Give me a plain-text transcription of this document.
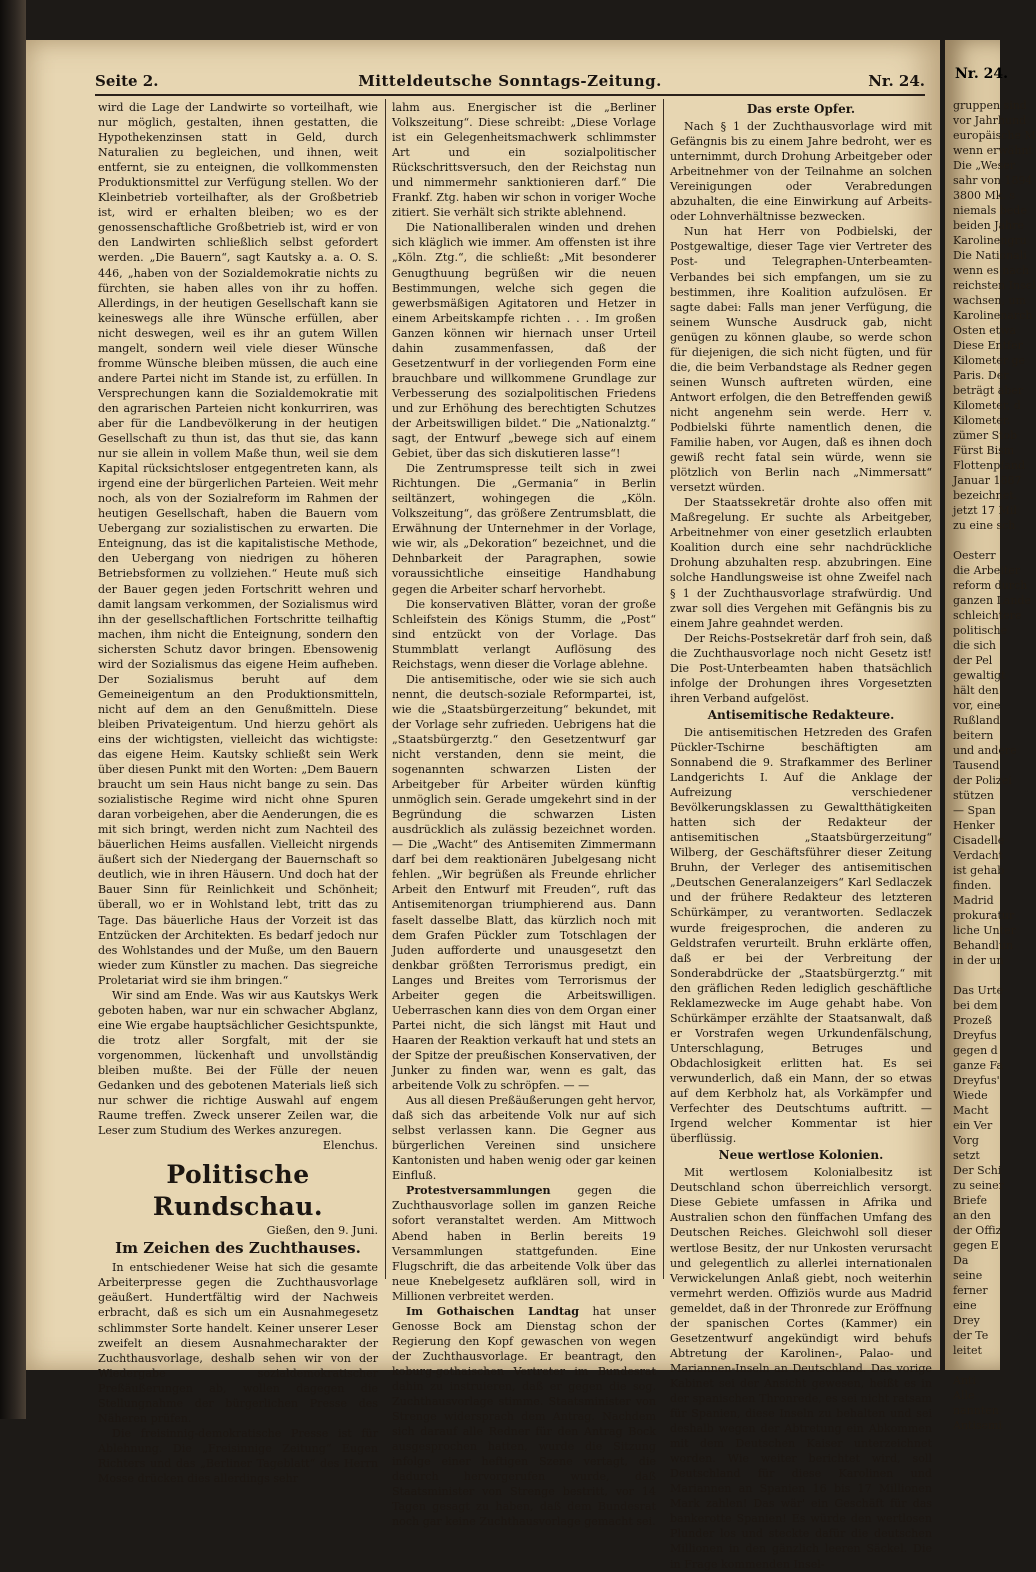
Seite 2.	Mitteldeutsche Sonntags-Zeitung.	Nr. 24.

wird die Lage der Landwirte so vorteilhaft, wie nur möglich, gestalten, ihnen gestatten, die Hypothekenzinsen statt in Geld, durch Naturalien zu begleichen, und ihnen, weit entfernt, sie zu enteignen, die vollkommensten Produktionsmittel zur Verfügung stellen. Wo der Kleinbetrieb vorteilhafter, als der Großbetrieb ist, wird er erhalten bleiben; wo es der genossenschaftliche Großbetrieb ist, wird er von den Landwirten schließlich selbst gefordert werden. „Die Bauern“, sagt Kautsky a. a. O. S. 446, „haben von der Sozialdemokratie nichts zu fürchten, sie haben alles von ihr zu hoffen. Allerdings, in der heutigen Gesellschaft kann sie keineswegs alle ihre Wünsche erfüllen, aber nicht deswegen, weil es ihr an gutem Willen mangelt, sondern weil viele dieser Wünsche fromme Wünsche bleiben müssen, die auch eine andere Partei nicht im Stande ist, zu erfüllen. In Versprechungen kann die Sozialdemokratie mit den agrarischen Parteien nicht konkurriren, was aber für die Landbevölkerung in der heutigen Gesellschaft zu thun ist, das thut sie, das kann nur sie allein in vollem Maße thun, weil sie dem Kapital rücksichtsloser entgegentreten kann, als irgend eine der bürgerlichen Parteien. Weit mehr noch, als von der Sozialreform im Rahmen der heutigen Gesellschaft, haben die Bauern vom Uebergang zur sozialistischen zu erwarten. Die Enteignung, das ist die kapitalistische Methode, den Uebergang von niedrigen zu höheren Betriebsformen zu vollziehen.“ Heute muß sich der Bauer gegen jeden Fortschritt wehren und damit langsam verkommen, der Sozialismus wird ihn der gesellschaftlichen Fortschritte teilhaftig machen, ihm nicht die Enteignung, sondern den sichersten Schutz davor bringen. Ebensowenig wird der Sozialismus das eigene Heim aufheben. Der Sozialismus beruht auf dem Gemeineigentum an den Produktionsmitteln, nicht auf dem an den Genußmitteln. Diese bleiben Privateigentum. Und hierzu gehört als eins der wichtigsten, vielleicht das wichtigste: das eigene Heim. Kautsky schließt sein Werk über diesen Punkt mit den Worten: „Dem Bauern braucht um sein Haus nicht bange zu sein. Das sozialistische Regime wird nicht ohne Spuren daran vorbeigehen, aber die Aenderungen, die es mit sich bringt, werden nicht zum Nachteil des bäuerlichen Heims ausfallen. Vielleicht nirgends äußert sich der Niedergang der Bauernschaft so deutlich, wie in ihren Häusern. Und doch hat der Bauer Sinn für Reinlichkeit und Schönheit; überall, wo er in Wohlstand lebt, tritt das zu Tage. Das bäuerliche Haus der Vorzeit ist das Entzücken der Architekten. Es bedarf jedoch nur des Wohlstandes und der Muße, um den Bauern wieder zum Künstler zu machen. Das siegreiche Proletariat wird sie ihm bringen.“

Wir sind am Ende. Was wir aus Kautskys Werk geboten haben, war nur ein schwacher Abglanz, eine Wie ergabe hauptsächlicher Gesichtspunkte, die trotz aller Sorgfalt, mit der sie vorgenommen, lückenhaft und unvollständig bleiben mußte. Bei der Fülle der neuen Gedanken und des gebotenen Materials ließ sich nur schwer die richtige Auswahl auf engem Raume treffen. Zweck unserer Zeilen war, die Leser zum Studium des Werkes anzuregen.

Elenchus.

Politische Rundschau.

Gießen, den 9. Juni.

Im Zeichen des Zuchthauses.

In entschiedener Weise hat sich die gesamte Arbeiterpresse gegen die Zuchthausvorlage geäußert. Hundertfältig wird der Nachweis erbracht, daß es sich um ein Ausnahmegesetz schlimmster Sorte handelt. Keiner unserer Leser zweifelt an diesem Ausnahmecharakter der Zuchthausvorlage, deshalb sehen wir von der Wiedergabe sozialdemokratischer Preßäußerungen ab, wollen dagegen die Stellungnahme der bürgerlichen Presse des Näheren prüfen.

Die freisinnig-demokratische Presse ist für Ablehnung. Die „Freisinnige Zeitung“ Eugen Richters und das „Berliner Tageblatt“ des Herrn Mosse drücken dies allerdings sehr

lahm aus. Energischer ist die „Berliner Volkszeitung“. Diese schreibt: „Diese Vorlage ist ein Gelegenheitsmachwerk schlimmster Art und ein sozialpolitischer Rückschrittsversuch, den der Reichstag nun und nimmermehr sanktionieren darf.“ Die Frankf. Ztg. haben wir schon in voriger Woche zitiert. Sie verhält sich strikte ablehnend.

Die Nationalliberalen winden und drehen sich kläglich wie immer. Am offensten ist ihre „Köln. Ztg.“, die schließt: „Mit besonderer Genugthuung begrüßen wir die neuen Bestimmungen, welche sich gegen die gewerbsmäßigen Agitatoren und Hetzer in einem Arbeitskampfe richten . . . Im großen Ganzen können wir hiernach unser Urteil dahin zusammenfassen, daß der Gesetzentwurf in der vorliegenden Form eine brauchbare und willkommene Grundlage zur Verbesserung des sozialpolitischen Friedens und zur Erhöhung des berechtigten Schutzes der Arbeitswilligen bildet.“ Die „Nationalztg.“ sagt, der Entwurf „bewege sich auf einem Gebiet, über das sich diskutieren lasse“!

Die Zentrumspresse teilt sich in zwei Richtungen. Die „Germania“ in Berlin seiltänzert, wohingegen die „Köln. Volkszeitung“, das größere Zentrumsblatt, die Erwähnung der Unternehmer in der Vorlage, wie wir, als „Dekoration“ bezeichnet, und die Dehnbarkeit der Paragraphen, sowie voraussichtliche einseitige Handhabung gegen die Arbeiter scharf hervorhebt.

Die konservativen Blätter, voran der große Schleifstein des Königs Stumm, die „Post“ sind entzückt von der Vorlage. Das Stummblatt verlangt Auflösung des Reichstags, wenn dieser die Vorlage ablehne.

Die antisemitische, oder wie sie sich auch nennt, die deutsch-soziale Reformpartei, ist, wie die „Staatsbürgerzeitung“ bekundet, mit der Vorlage sehr zufrieden. Uebrigens hat die „Staatsbürgerztg.“ den Gesetzentwurf gar nicht verstanden, denn sie meint, die sogenannten schwarzen Listen der Arbeitgeber für Arbeiter würden künftig unmöglich sein. Gerade umgekehrt sind in der Begründung die schwarzen Listen ausdrücklich als zulässig bezeichnet worden. — Die „Wacht“ des Antisemiten Zimmermann darf bei dem reaktionären Jubelgesang nicht fehlen. „Wir begrüßen als Freunde ehrlicher Arbeit den Entwurf mit Freuden“, ruft das Antisemitenorgan triumphierend aus. Dann faselt dasselbe Blatt, das kürzlich noch mit dem Grafen Pückler zum Totschlagen der Juden aufforderte und unausgesetzt den denkbar größten Terrorismus predigt, ein Langes und Breites vom Terrorismus der Arbeiter gegen die Arbeitswilligen. Ueberraschen kann dies von dem Organ einer Partei nicht, die sich längst mit Haut und Haaren der Reaktion verkauft hat und stets an der Spitze der preußischen Konservativen, der Junker zu finden war, wenn es galt, das arbeitende Volk zu schröpfen. — —

Aus all diesen Preßäußerungen geht hervor, daß sich das arbeitende Volk nur auf sich selbst verlassen kann. Die Gegner aus bürgerlichen Vereinen sind unsichere Kantonisten und haben wenig oder gar keinen Einfluß.

Protestversammlungen gegen die Zuchthausvorlage sollen im ganzen Reiche sofort veranstaltet werden. Am Mittwoch Abend haben in Berlin bereits 19 Versammlungen stattgefunden. Eine Flugschrift, die das arbeitende Volk über das neue Knebelgesetz aufklären soll, wird in Millionen verbreitet werden.

Im Gothaischen Landtag hat unser Genosse Bock am Dienstag schon der Regierung den Kopf gewaschen von wegen der Zuchthausvorlage. Er beantragt, den koburg-gothaischen Vertreter im Bundesrat dahin zu instruieren, daß er gegen die sog. Zuchthausvorlage stimme. Staatsminister von Strenge widersprach dem Antrag. Nachdem sich darauf alle Redner für den Antrag Bock ausgesprochen hatten, wurde die Sitzung infolge einer heftigen Szene vertagt, die dadurch hervorgerufen wurde, daß Staatsminister von Strenge bestritt, vor 14 Tagen gesagt zu haben, daß dem Bundesrat noch gar keine Zuchthausvorlage gemacht sei.

Das erste Opfer.

Nach § 1 der Zuchthausvorlage wird mit Gefängnis bis zu einem Jahre bedroht, wer es unternimmt, durch Drohung Arbeitgeber oder Arbeitnehmer von der Teilnahme an solchen Vereinigungen oder Verabredungen abzuhalten, die eine Einwirkung auf Arbeits- oder Lohnverhältnisse bezwecken.

Nun hat Herr von Podbielski, der Postgewaltige, dieser Tage vier Vertreter des Post- und Telegraphen-Unterbeamten-Verbandes bei sich empfangen, um sie zu bestimmen, ihre Koalition aufzulösen. Er sagte dabei: Falls man jener Verfügung, die seinem Wunsche Ausdruck gab, nicht genügen zu können glaube, so werde schon für diejenigen, die sich nicht fügten, und für die, die beim Verbandstage als Redner gegen seinen Wunsch auftreten würden, eine Antwort erfolgen, die den Betreffenden gewiß nicht angenehm sein werde. Herr v. Podbielski führte namentlich denen, die Familie haben, vor Augen, daß es ihnen doch gewiß recht fatal sein würde, wenn sie plötzlich von Berlin nach „Nimmersatt“ versetzt würden.

Der Staatssekretär drohte also offen mit Maßregelung. Er suchte als Arbeitgeber, Arbeitnehmer von einer gesetzlich erlaubten Koalition durch eine sehr nachdrückliche Drohung abzuhalten resp. abzubringen. Eine solche Handlungsweise ist ohne Zweifel nach § 1 der Zuchthausvorlage strafwürdig. Und zwar soll dies Vergehen mit Gefängnis bis zu einem Jahre geahndet werden.

Der Reichs-Postsekretär darf froh sein, daß die Zuchthausvorlage noch nicht Gesetz ist! Die Post-Unterbeamten haben thatsächlich infolge der Drohungen ihres Vorgesetzten ihren Verband aufgelöst.

Antisemitische Redakteure.

Die antisemitischen Hetzreden des Grafen Pückler-Tschirne beschäftigten am Sonnabend die 9. Strafkammer des Berliner Landgerichts I. Auf die Anklage der Aufreizung verschiedener Bevölkerungsklassen zu Gewaltthätigkeiten hatten sich der Redakteur der antisemitischen „Staatsbürgerzeitung“ Wilberg, der Geschäftsführer dieser Zeitung Bruhn, der Verleger des antisemitischen „Deutschen Generalanzeigers“ Karl Sedlaczek und der frühere Redakteur des letzteren Schürkämper, zu verantworten. Sedlaczek wurde freigesprochen, die anderen zu Geldstrafen verurteilt. Bruhn erklärte offen, daß er bei der Verbreitung der Sonderabdrücke der „Staatsbürgerztg.“ mit den gräflichen Reden lediglich geschäftliche Reklamezwecke im Auge gehabt habe. Von Schürkämper erzählte der Staatsanwalt, daß er Vorstrafen wegen Urkundenfälschung, Unterschlagung, Betruges und Obdachlosigkeit erlitten hat. Es sei verwunderlich, daß ein Mann, der so etwas auf dem Kerbholz hat, als Vorkämpfer und Verfechter des Deutschtums auftritt. — Irgend welcher Kommentar ist hier überflüssig.

Neue wertlose Kolonien.

Mit wertlosem Kolonialbesitz ist Deutschland schon überreichlich versorgt. Diese Gebiete umfassen in Afrika und Australien schon den fünffachen Umfang des Deutschen Reiches. Gleichwohl soll dieser wertlose Besitz, der nur Unkosten verursacht und gelegentlich zu allerlei internationalen Verwickelungen Anlaß giebt, noch weiterhin vermehrt werden. Offiziös wurde aus Madrid gemeldet, daß in der Thronrede zur Eröffnung der spanischen Cortes (Kammer) ein Gesetzentwurf angekündigt wird behufs Abtretung der Karolinen-, Palao- und Mariannen-Inseln an Deutschland. Das vorige Kabinet sei der Ansicht gewesen, heißt es in der spanischen Thronrede, es sei nicht ratsam für Spanien, diese Inseln zu behalten und sei deshalb wegen der Abtretung ein Abkommen mit dem Deutschen Kaiser unterzeichnet worden. Wie weiter berichtet wird, soll Deutschland für diese Karolinen und Mariannen an Spanien 16 bis 17 Millionen Mark zahlen! Das wär' ein Geschäft für das bankerotte Spanien! Es würde den wertlosen Plunder los und steckte dafür die deutschen Millionen in den gänzlich leeren Säckel. Die in Frage kommenden Insel-

Nr. 24.
gruppen sind
vor Jahrhund
europäische M
wenn erwähnt
Die „Weser
sahr von 1894
3800 Mk. s
niemals bede
beiden Jahre
Karolinengru
Die Nationali
wenn es nach
reichsten Insel
wachsen, um
Karolinenarch
Osten etwa
Diese Entfer
Kilometer ge
Paris. Der
beträgt aber
Kilometer, d
Kilometer.
zümer Stob
Fürst Bism
Flottenpfand
Januar 1887
bezeichnet.
jetzt 17 Mil
zu eine sch

Oesterr
die Arbeiter
reform durch
ganzen Lande
schleichtere
politische
die sich
der Pel
gewaltigt
hält den
vor, eine
Rußland
beitern
und andere
Tausend
der Polizei
stützen
— Span
Henker
Cisadelle
Verdacht
ist gehab
finden.
Madrid
prokuratur
liche Unter
Behandlun
in der un

Das Urte
bei dem
Prozeß
Dreyfus
gegen d
ganze Fa
Dreyfus'
Wiede
Macht
ein Ver
Vorg
setzt
Der Schi
zu seiner
Briefe
an den
der Offiz
gegen E
Da
seine
ferner
eine
Drey
der Te
leitet

Anti
Alle
nannten
Antisemi
